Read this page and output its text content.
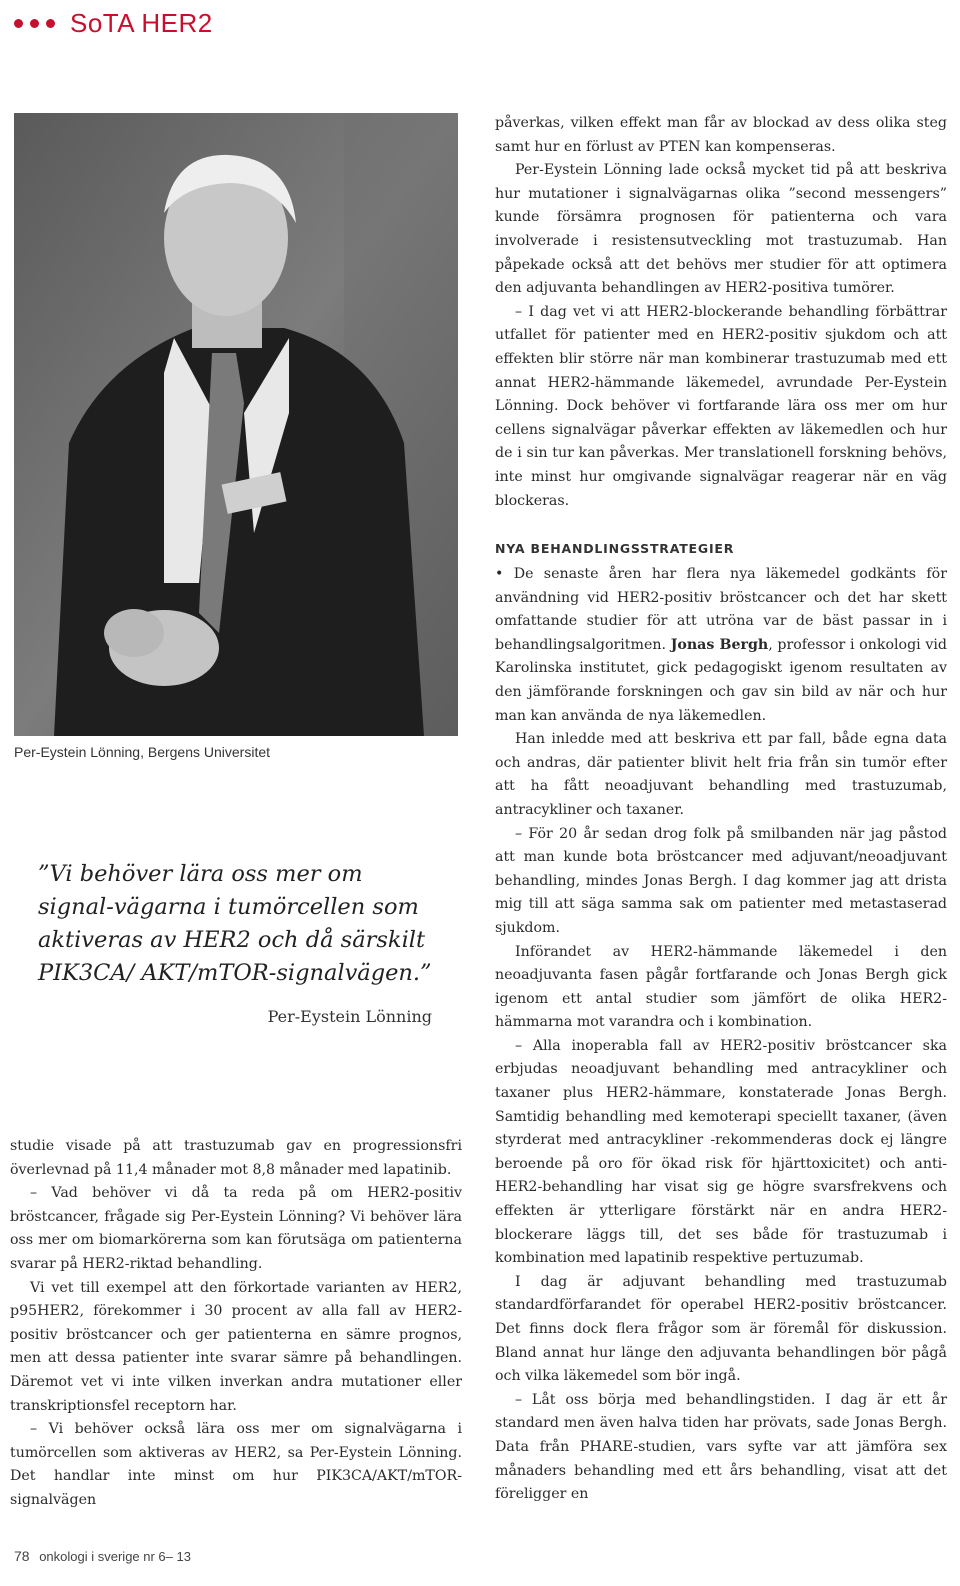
SoTA HER2
Per-Eystein Lönning, Bergens Universitet
”Vi behöver lära oss mer om signal-vägarna i tumörcellen som aktiveras av HER2 och då särskilt PIK3CA/ AKT/mTOR-signalvägen.”
Per-Eystein Lönning

studie visade på att trastuzumab gav en progressionsfri överlevnad på 11,4 månader mot 8,8 månader med lapatinib.

– Vad behöver vi då ta reda på om HER2-positiv bröstcancer, frågade sig Per-Eystein Lönning? Vi behöver lära oss mer om biomarkörerna som kan förutsäga om patienterna svarar på HER2-riktad behandling.

Vi vet till exempel att den förkortade varianten av HER2, p95HER2, förekommer i 30 procent av alla fall av HER2-positiv bröstcancer och ger patienterna en sämre prognos, men att dessa patienter inte svarar sämre på behandlingen. Däremot vet vi inte vilken inverkan andra mutationer eller transkriptionsfel receptorn har.

– Vi behöver också lära oss mer om signalvägarna i tumörcellen som aktiveras av HER2, sa Per-Eystein Lönning. Det handlar inte minst om hur PIK3CA/AKT/mTOR-signalvägen

påverkas, vilken effekt man får av blockad av dess olika steg samt hur en förlust av PTEN kan kompenseras.

Per-Eystein Lönning lade också mycket tid på att beskriva hur mutationer i signalvägarnas olika ”second messengers” kunde försämra prognosen för patienterna och vara involverade i resistensutveckling mot trastuzumab. Han påpekade också att det behövs mer studier för att optimera den adjuvanta behandlingen av HER2-positiva tumörer.

– I dag vet vi att HER2-blockerande behandling förbättrar utfallet för patienter med en HER2-positiv sjukdom och att effekten blir större när man kombinerar trastuzumab med ett annat HER2-hämmande läkemedel, avrundade Per-Eystein Lönning. Dock behöver vi fortfarande lära oss mer om hur cellens signalvägar påverkar effekten av läkemedlen och hur de i sin tur kan påverkas. Mer translationell forskning behövs, inte minst hur omgivande signalvägar reagerar när en väg blockeras.

NYA BEHANDLINGSSTRATEGIER

• De senaste åren har flera nya läkemedel godkänts för användning vid HER2-positiv bröstcancer och det har skett omfattande studier för att utröna var de bäst passar in i behandlingsalgoritmen. Jonas Bergh, professor i onkologi vid Karolinska institutet, gick pedagogiskt igenom resultaten av den jämförande forskningen och gav sin bild av när och hur man kan använda de nya läkemedlen.

Han inledde med att beskriva ett par fall, både egna data och andras, där patienter blivit helt fria från sin tumör efter att ha fått neoadjuvant behandling med trastuzumab, antracykliner och taxaner.

– För 20 år sedan drog folk på smilbanden när jag påstod att man kunde bota bröstcancer med adjuvant/neoadjuvant behandling, mindes Jonas Bergh. I dag kommer jag att drista mig till att säga samma sak om patienter med metastaserad sjukdom.

Införandet av HER2-hämmande läkemedel i den neoadjuvanta fasen pågår fortfarande och Jonas Bergh gick igenom ett antal studier som jämfört de olika HER2-hämmarna mot varandra och i kombination.

– Alla inoperabla fall av HER2-positiv bröstcancer ska erbjudas neoadjuvant behandling med antracykliner och taxaner plus HER2-hämmare, konstaterade Jonas Bergh. Samtidig behandling med kemoterapi speciellt taxaner, (även styrderat med antracykliner -rekommenderas dock ej längre beroende på oro för ökad risk för hjärttoxicitet) och anti-HER2-behandling har visat sig ge högre svarsfrekvens och effekten är ytterligare förstärkt när en andra HER2-blockerare läggs till, det ses både för trastuzumab i kombination med lapatinib respektive pertuzumab.

I dag är adjuvant behandling med trastuzumab standardförfarandet för operabel HER2-positiv bröstcancer. Det finns dock flera frågor som är föremål för diskussion. Bland annat hur länge den adjuvanta behandlingen bör pågå och vilka läkemedel som bör ingå.

– Låt oss börja med behandlingstiden. I dag är ett år standard men även halva tiden har prövats, sade Jonas Bergh. Data från PHARE-studien, vars syfte var att jämföra sex månaders behandling med ett års behandling, visat att det föreligger en

78 onkologi i sverige nr 6– 13
